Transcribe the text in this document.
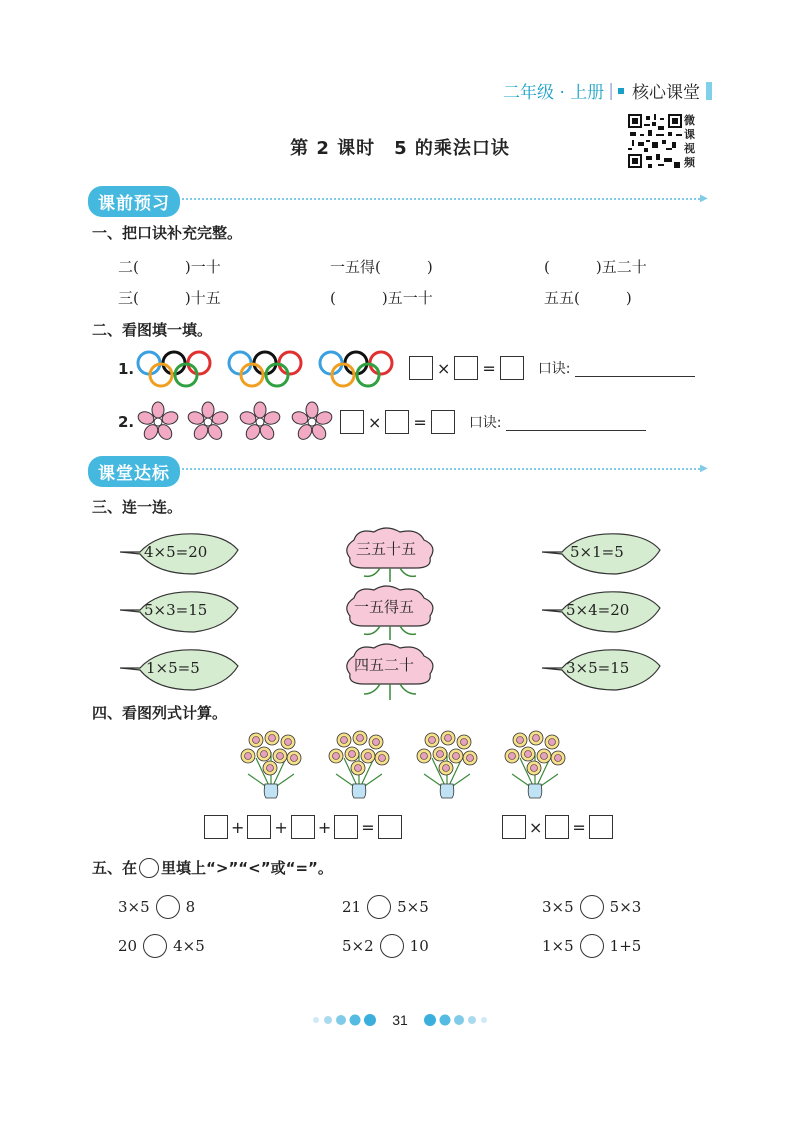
二年级 · 上册 | 核心课堂
第 2 课时　5 的乘法口诀
微课视频
课前预习	▶
一、把口诀补充完整。
二(	)一十	一五得(	)	(	)五二十
三(	)十五	(	)五一十	五五(	)
二、看图填一填。
1.	× =	口诀:
2.	× =	口诀:
课堂达标	▶
三、连一连。
4×5=20
5×3=15
1×5=5
三五十五
一五得五
四五二十
5×1=5
5×4=20
3×5=15
四、看图列式计算。
+ + + =	× =
五、在 里填上“>”“<”或“=”。
3×5 8	21 5×5	3×5 5×3
20 4×5	5×2 10	1×5 1+5
31
